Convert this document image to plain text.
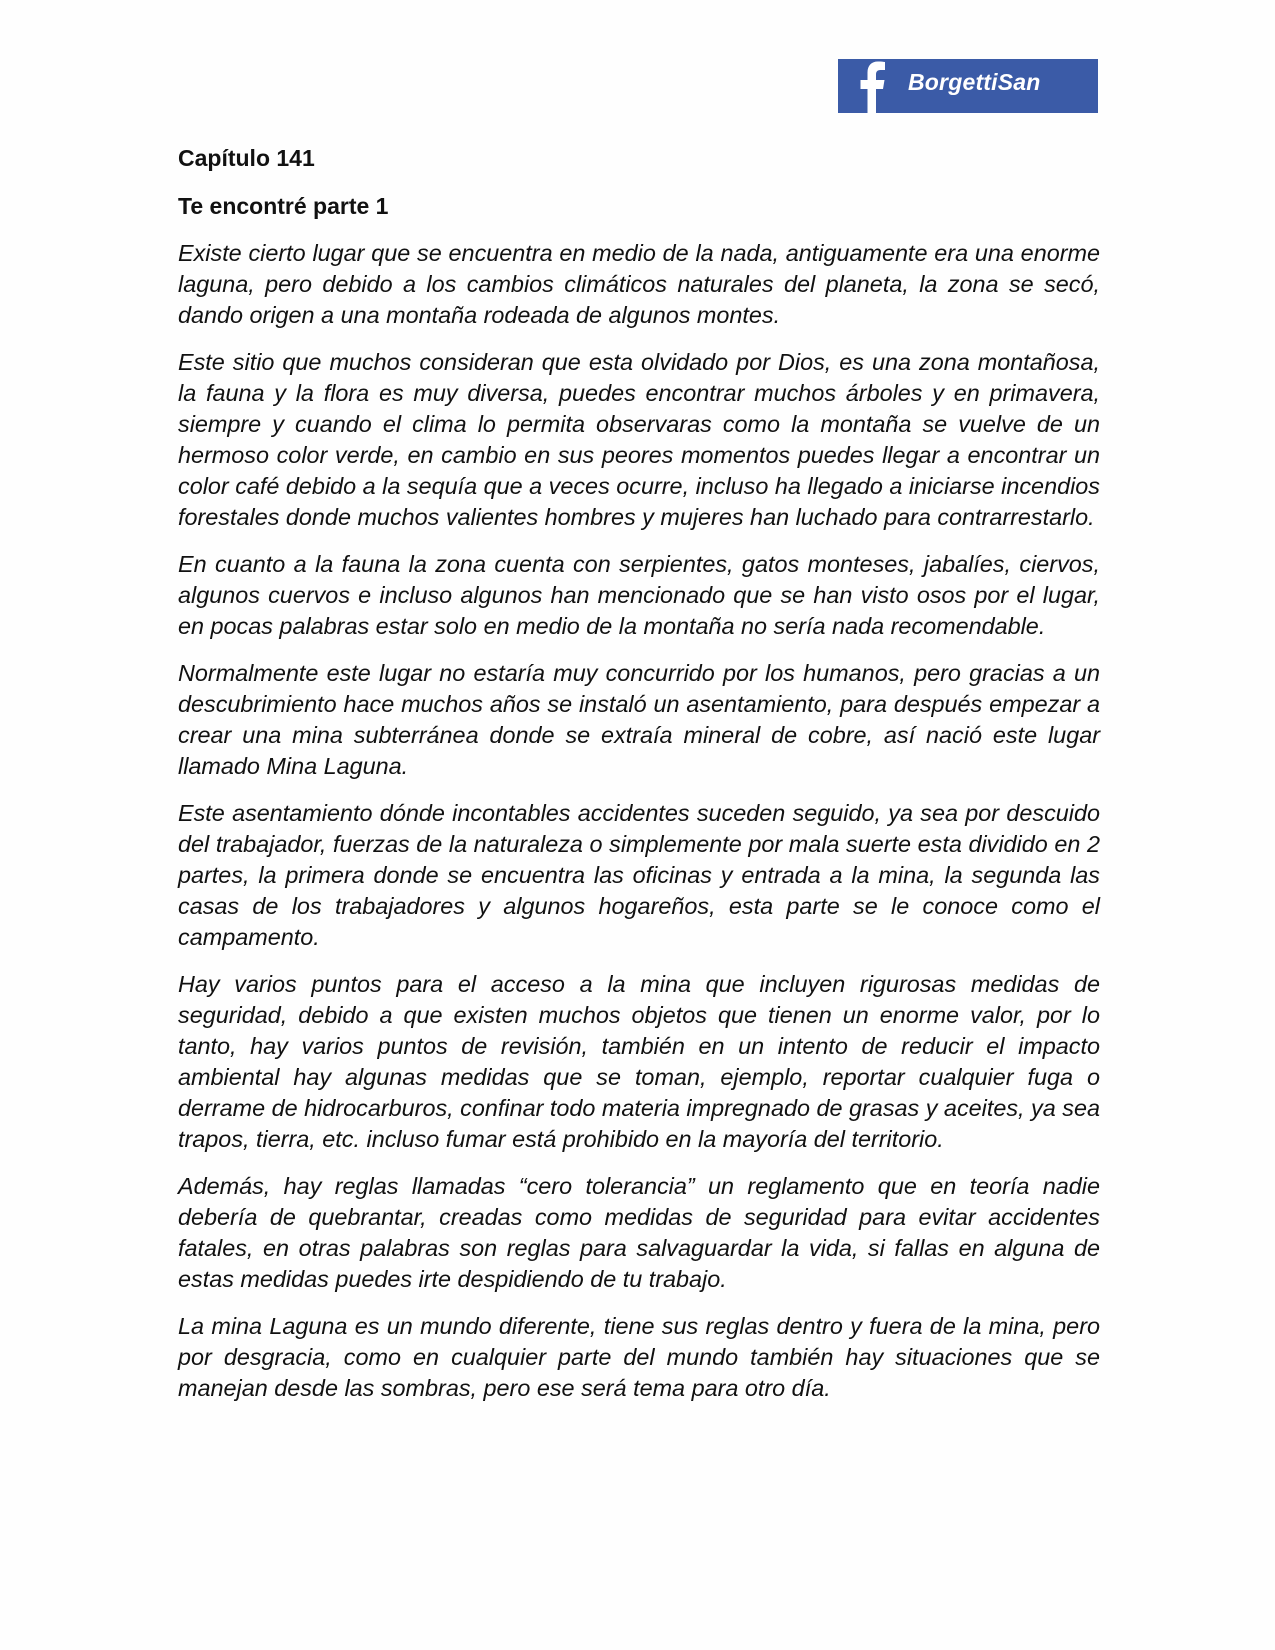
BorgettiSan
Capítulo 141
Te encontré parte 1

Existe cierto lugar que se encuentra en medio de la nada, antiguamente era una enorme laguna, pero debido a los cambios climáticos naturales del planeta, la zona se secó, dando origen a una montaña rodeada de algunos montes.

Este sitio que muchos consideran que esta olvidado por Dios, es una zona montañosa, la fauna y la flora es muy diversa, puedes encontrar muchos árboles y en primavera, siempre y cuando el clima lo permita observaras como la montaña se vuelve de un hermoso color verde, en cambio en sus peores momentos puedes llegar a encontrar un color café debido a la sequía que a veces ocurre, incluso ha llegado a iniciarse incendios forestales donde muchos valientes hombres y mujeres han luchado para contrarrestarlo.

En cuanto a la fauna la zona cuenta con serpientes, gatos monteses, jabalíes, ciervos, algunos cuervos e incluso algunos han mencionado que se han visto osos por el lugar, en pocas palabras estar solo en medio de la montaña no sería nada recomendable.

Normalmente este lugar no estaría muy concurrido por los humanos, pero gracias a un descubrimiento hace muchos años se instaló un asentamiento, para después empezar a crear una mina subterránea donde se extraía mineral de cobre, así nació este lugar llamado Mina Laguna.

Este asentamiento dónde incontables accidentes suceden seguido, ya sea por descuido del trabajador, fuerzas de la naturaleza o simplemente por mala suerte esta dividido en 2 partes, la primera donde se encuentra las oficinas y entrada a la mina, la segunda las casas de los trabajadores y algunos hogareños, esta parte se le conoce como el campamento.

Hay varios puntos para el acceso a la mina que incluyen rigurosas medidas de seguridad, debido a que existen muchos objetos que tienen un enorme valor, por lo tanto, hay varios puntos de revisión, también en un intento de reducir el impacto ambiental hay algunas medidas que se toman, ejemplo, reportar cualquier fuga o derrame de hidrocarburos, confinar todo materia impregnado de grasas y aceites, ya sea trapos, tierra, etc. incluso fumar está prohibido en la mayoría del territorio.

Además, hay reglas llamadas “cero tolerancia” un reglamento que en teoría nadie debería de quebrantar, creadas como medidas de seguridad para evitar accidentes fatales, en otras palabras son reglas para salvaguardar la vida, si fallas en alguna de estas medidas puedes irte despidiendo de tu trabajo.

La mina Laguna es un mundo diferente, tiene sus reglas dentro y fuera de la mina, pero por desgracia, como en cualquier parte del mundo también hay situaciones que se manejan desde las sombras, pero ese será tema para otro día.
